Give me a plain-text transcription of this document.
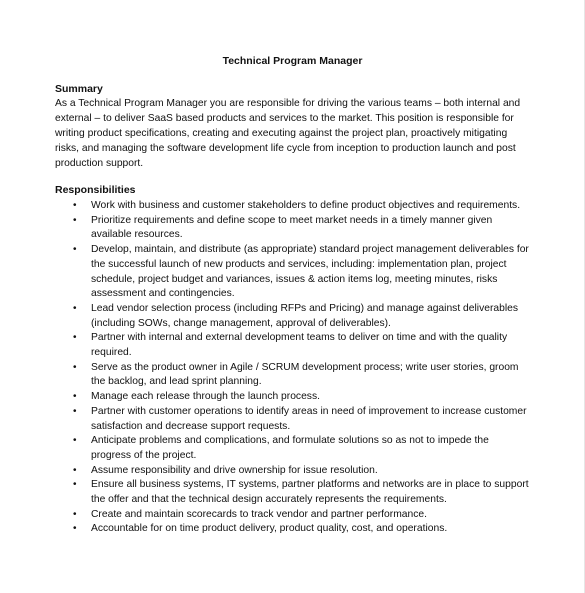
Technical Program Manager
Summary

As a Technical Program Manager you are responsible for driving the various teams – both internal and external – to deliver SaaS based products and services to the market. This position is responsible for writing product specifications, creating and executing against the project plan, proactively mitigating risks, and managing the software development life cycle from inception to production launch and post production support.

Responsibilities
• Work with business and customer stakeholders to define product objectives and requirements.
• Prioritize requirements and define scope to meet market needs in a timely manner given available resources.
• Develop, maintain, and distribute (as appropriate) standard project management deliverables for the successful launch of new products and services, including: implementation plan, project schedule, project budget and variances, issues & action items log, meeting minutes, risks assessment and contingencies.
• Lead vendor selection process (including RFPs and Pricing) and manage against deliverables (including SOWs, change management, approval of deliverables).
• Partner with internal and external development teams to deliver on time and with the quality required.
• Serve as the product owner in Agile / SCRUM development process; write user stories, groom the backlog, and lead sprint planning.
• Manage each release through the launch process.
• Partner with customer operations to identify areas in need of improvement to increase customer satisfaction and decrease support requests.
• Anticipate problems and complications, and formulate solutions so as not to impede the progress of the project.
• Assume responsibility and drive ownership for issue resolution.
• Ensure all business systems, IT systems, partner platforms and networks are in place to support the offer and that the technical design accurately represents the requirements.
• Create and maintain scorecards to track vendor and partner performance.
• Accountable for on time product delivery, product quality, cost, and operations.
